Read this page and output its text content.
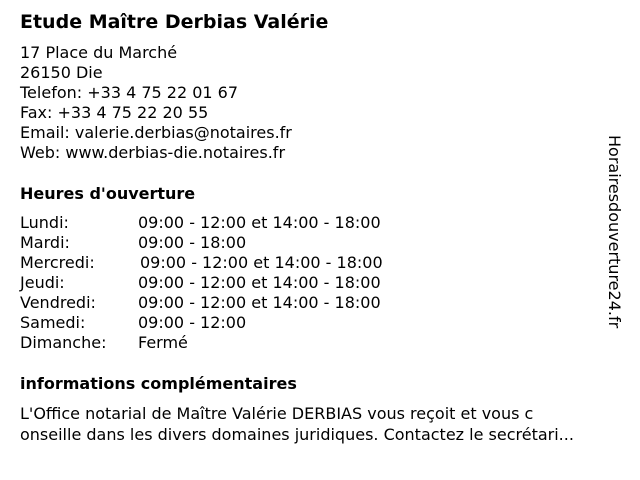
Etude Maître Derbias Valérie
17 Place du Marché
26150 Die
Telefon: +33 4 75 22 01 67
Fax: +33 4 75 22 20 55
Email: valerie.derbias@notaires.fr
Web: www.derbias-die.notaires.fr
Heures d'ouverture
Lundi:	09:00 - 12:00 et 14:00 - 18:00
Mardi:	09:00 - 18:00
Mercredi:	09:00 - 12:00 et 14:00 - 18:00
Jeudi:	09:00 - 12:00 et 14:00 - 18:00
Vendredi:	09:00 - 12:00 et 14:00 - 18:00
Samedi:	09:00 - 12:00
Dimanche: Fermé
informations complémentaires
L'Office notarial de Maître Valérie DERBIAS vous reçoit et vous c
onseille dans les divers domaines juridiques. Contactez le secrétari...
Horairesdouverture24.fr
